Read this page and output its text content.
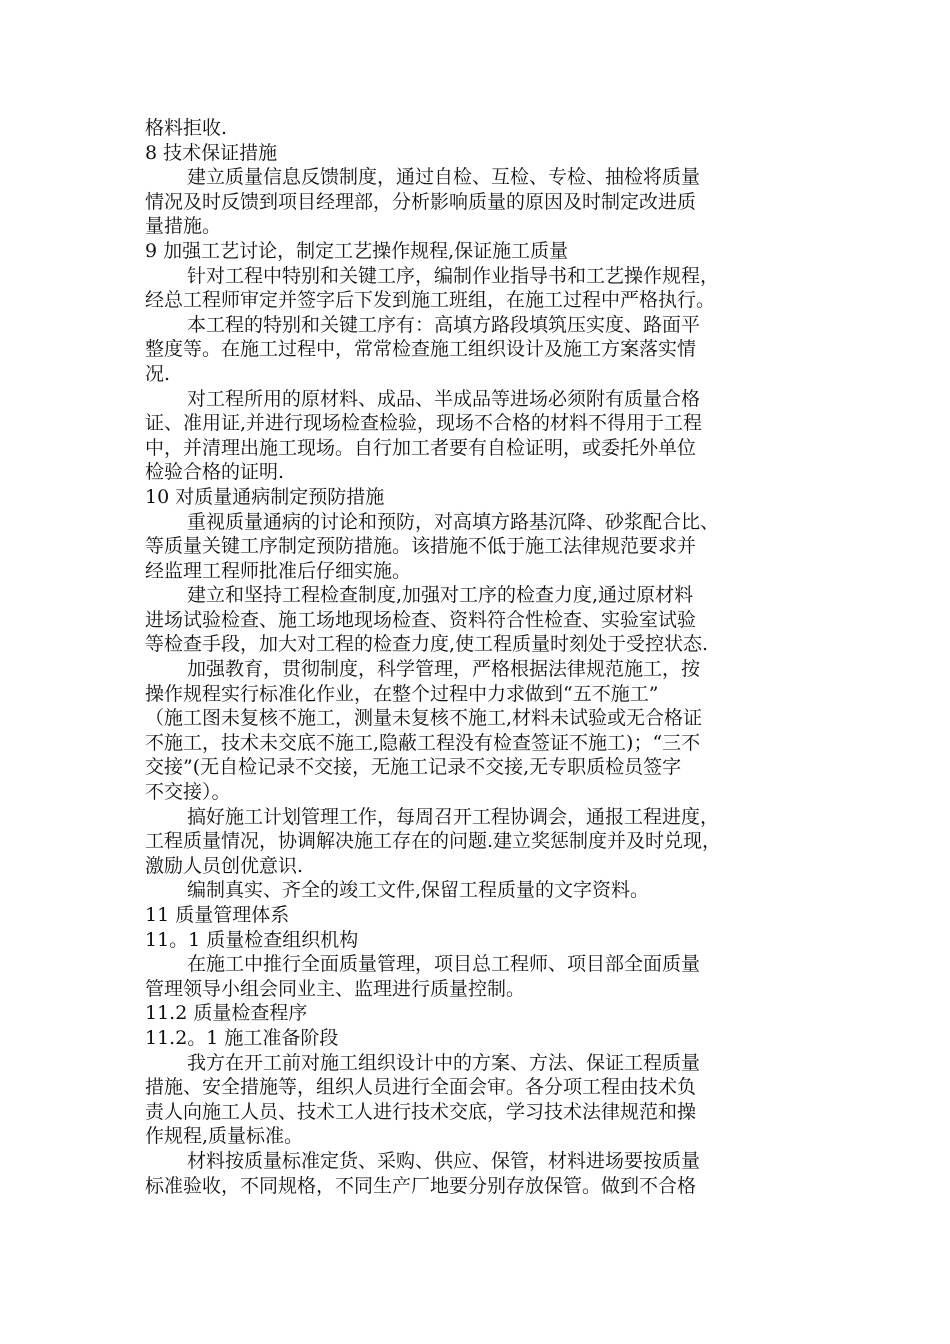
格料拒收.
8 技术保证措施
建立质量信息反馈制度，通过自检、互检、专检、抽检将质量
情况及时反馈到项目经理部，分析影响质量的原因及时制定改进质
量措施。
9 加强工艺讨论，制定工艺操作规程,保证施工质量
针对工程中特别和关键工序，编制作业指导书和工艺操作规程，
经总工程师审定并签字后下发到施工班组，在施工过程中严格执行。
本工程的特别和关键工序有：高填方路段填筑压实度、路面平
整度等。在施工过程中，常常检查施工组织设计及施工方案落实情
况.
对工程所用的原材料、成品、半成品等进场必须附有质量合格
证、准用证,并进行现场检查检验，现场不合格的材料不得用于工程
中，并清理出施工现场。自行加工者要有自检证明，或委托外单位
检验合格的证明.
10 对质量通病制定预防措施
重视质量通病的讨论和预防，对高填方路基沉降、砂浆配合比、
等质量关键工序制定预防措施。该措施不低于施工法律规范要求并
经监理工程师批准后仔细实施。
建立和坚持工程检查制度,加强对工序的检查力度,通过原材料
进场试验检查、施工场地现场检查、资料符合性检查、实验室试验
等检查手段，加大对工程的检查力度,使工程质量时刻处于受控状态.
加强教育，贯彻制度，科学管理，严格根据法律规范施工，按
操作规程实行标准化作业，在整个过程中力求做到“五不施工”
（施工图未复核不施工，测量未复核不施工,材料未试验或无合格证
不施工，技术未交底不施工,隐蔽工程没有检查签证不施工)；“三不
交接”(无自检记录不交接，无施工记录不交接,无专职质检员签字
不交接）。
搞好施工计划管理工作，每周召开工程协调会，通报工程进度，
工程质量情况，协调解决施工存在的问题.建立奖惩制度并及时兑现，
激励人员创优意识.
编制真实、齐全的竣工文件,保留工程质量的文字资料。
11 质量管理体系
11。1 质量检查组织机构
在施工中推行全面质量管理，项目总工程师、项目部全面质量
管理领导小组会同业主、监理进行质量控制。
11.2 质量检查程序
11.2。1 施工准备阶段
我方在开工前对施工组织设计中的方案、方法、保证工程质量
措施、安全措施等，组织人员进行全面会审。各分项工程由技术负
责人向施工人员、技术工人进行技术交底，学习技术法律规范和操
作规程,质量标准。
材料按质量标准定货、采购、供应、保管，材料进场要按质量
标准验收，不同规格，不同生产厂地要分别存放保管。做到不合格
